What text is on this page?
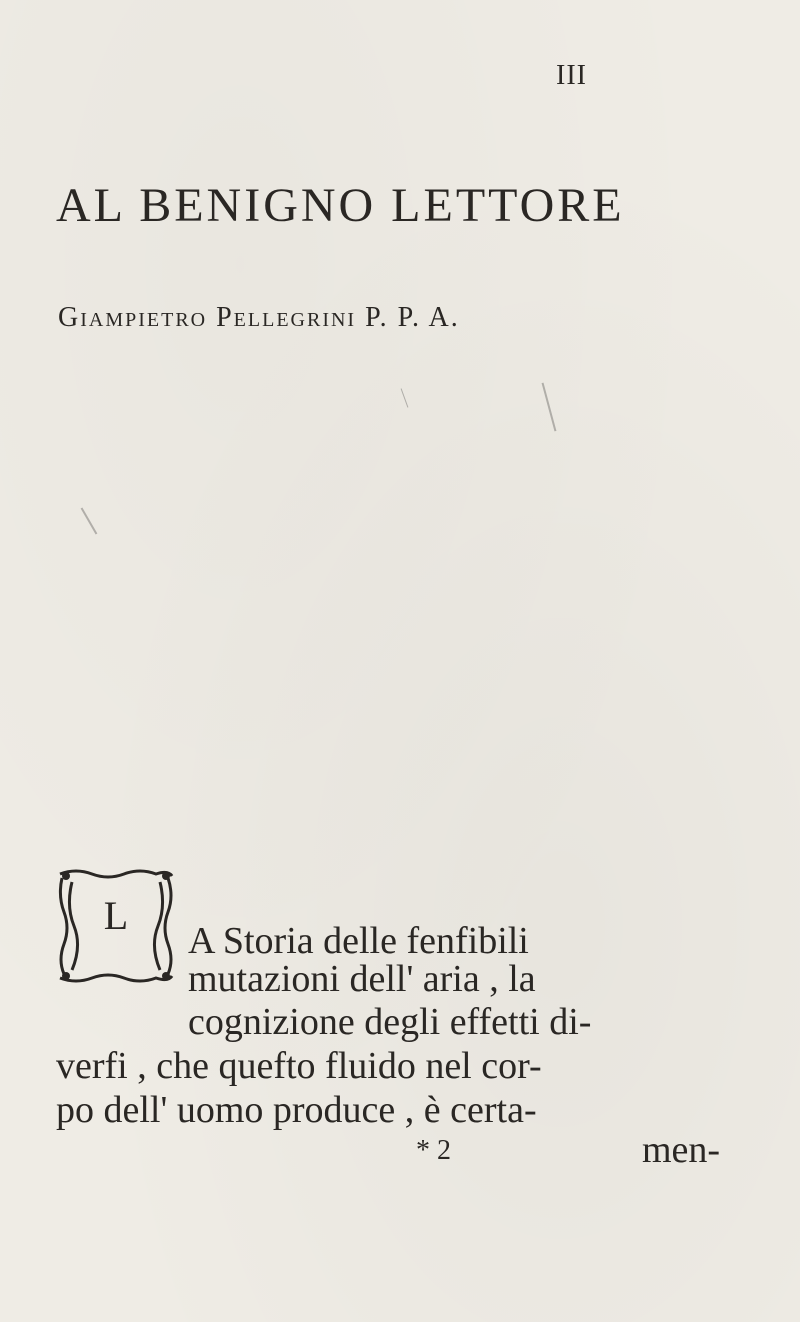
III
AL BENIGNO LETTORE
Giampietro Pellegrini P. P. A.
L
A Storia delle fenfibili
mutazioni dell' aria , la
cognizione degli effetti di-
verfi , che quefto fluido nel cor-
po dell' uomo produce , è certa-
* 2	men-
